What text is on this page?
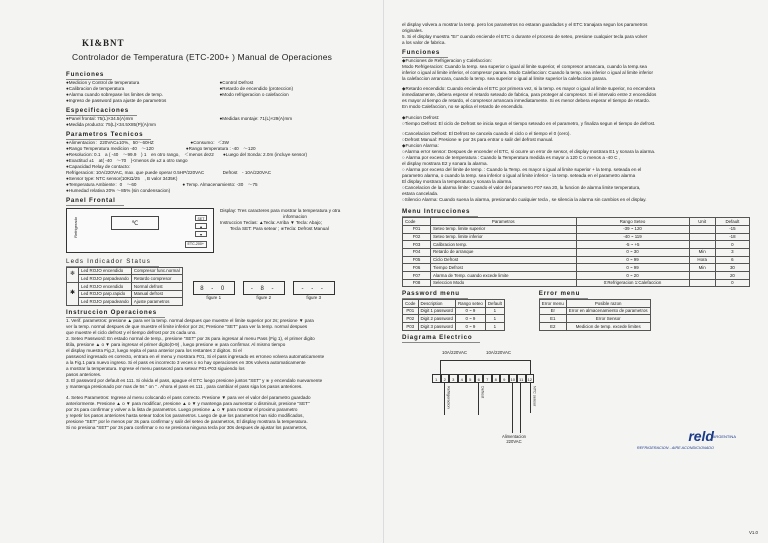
KI&BNT
Controlador de Temperatura (ETC-200+ ) Manual de Operaciones
Funciones

●Medicion y Control de temperatura

●Calibracion de temperatura

●Alarma cuando sobrepase los limites de temp.

●Ingreso de password para ajuste de parametros

●Control Defrost

●Retardo de encendido (proteccion)

●Modo refrigeracion o calefaccion

Especificaciones

●Panel frontal: 75(L)×34.5(A)mm

●Medida producto: 75(L)×34.5X85(P)(A)mm

●Medidas montaje: 71(L)×29(A)mm

Parametros Tecnicos

●Alimentacion：220VAC±10%、50～60HZ　　　　　　　　●Consumo：＜3W

●Rango Temperatura medicion -40　～120　　　　　　　●Rango temperatura : -40　～120

●Resolucion: 0.1　a ( -40　～99.9　) 1　en otro rango,　＜menos dez2　　●Luego del Sonda: 2.0m (incluye sensor)

●Exactitud ±1　at( -40　～70　)<menos de ±2 a otro rango

●Capacidad Relay de contacto：

Refrigeracion: 10A/220VAC, max. que puede operar 0.5HP/220VAC　　　　Defrost　- 10A/220VAC

●Sensor type: NTC sensor(10KΩ/25　, B valor 3435K)

●Temperatura Ambiente：0　～60　　　　　　　　　　● Temp. Almacenamiento: -30　～75

●Humedad relativa 20% ～85% (sin condensacion)

Panel Frontal
Refrigerado	℃
SET
▲
▼
ETC-200+

Display: Tres caracteres para mostrar la temperatura y otra

informacion

Instruccion Teclas: ▲Tecla: Arriba ▼ Tecla: Abajo;

Tecla SET: Para setear ; ※Tecla: Defrost Manual

Leds Indicador Status
❄	Led ROJO encendido	Compresor func.normal
	Led ROJO parpadeando	Retardo compresor
✱	Led ROJO encendido	Normal defrost
	Led ROJO parp.rapido	Manual defrost
	Led ROJO parpadeando	Ajuste parametros
8 - 0
figure 1
- 8 -
figure 2
- - -
figure 3
Instruccion Operaciones

1. Verif. parametros: presione ▲ para ver la temp. normal despues que muestre el limite superior por 2s; presione ▼ para

ver la temp. normal despues de que muestre el limite inferior por 2s; Presione "SET" para ver la temp. normal despues

que muestre el ciclo defrost y el tiempo defrost por 2s cada uno.

2. Seteo Password: En estado normal de temp., presione "SET" por 3s para ingresar al menu Pass (Fig 1), el primer digito

titila, presione ▲ o ▼ para ingresar el primer digito(0-9) , luego presione ※ para confirmar. Al mismo tiempo

el display muestra Fig.2, luego repita el paso anterior para los restantes 2 digitos. Si el

password ingresado es correcto, entrara en el menu y mostrara F01, Si el pass ingresado es erroneo volvera automaticamente

a la Fig.1 para nuevo ingreso. Si el pass es incorrecto 3 veces o no hay operaciones en 30s volvera automaticamente

a mostrar la temperatura. Ingrese el menu password para setear P01-P03 siguiendo los

pasos anteriores.

3. El password por default es 111. Si olvida el pass, apague el ETC luego presione juntos "SET" y ※ y encendalo nuevamente

y mantenga presionado por mas de 5s " on " . Ahora el pass es 111 , para cambiar el pass siga los pasos anteriores.

4. Seteo Parametros: Ingrese al menu colocando el pass correcto. Presione ▼ para ver el valor del parametro guardado

anteriormente. Presione ▲ o ▼ para modificar, presione ▲ o ▼ y mantenga para aumentar o disminuir, presione "SET"

por 2s para confirmar y volver a la lista de parametros. Luego presione ▲ o ▼ para mostrar el proximo parametro

y repetir los pasos anteriores hasta setear todos los parametros. Luego de que los parametros han sido modificados,

presione "SET" por le menos por 3s para confirmar y salir del seteo de parametros, El display mostrara la temperatura.

Si no presiona "SET" por 3s para confirmar o no se presiona ninguna tecla por 30s despues de ajustar los parametros,

el display volvera a mostrar la temp. pero los parametros no estaran guardados y el ETC tranajara segun los parametros

originales.

5. Si el display muestra "Er" cuando enciende el ETC o durante el proceso de seteo, presione cualquier tecla para volver

a los valor de fabrica.

Funciones

◆Funciones de Refrigeracion y Calefaccion:

Modo Refrigeracion: Cuando la temp. sea superior o igual al limite superior, el compresor arrancara, cuando la temp.sea

inferior o igual al limite inferior, el compresor parara. Modo Calefaccion: Cuando la temp. sea inferior o igual al limite inferior

la calefaccion arrancara, cuando la temp. sea superior o igual al limite superior la calefaccion parara.

◆Retardo encendido: Cuando encienda el ETC por primera vez, si la temp. es mayor o igual al limite superior, no encendera

inmediatamente, debera esperar el retardo seteado de fabrica, para proteger al compresor. Si el intervalo entre 2 encendidos

es mayor al tiempo de retardo, el compresor arrancara inmediatamente. Si es menor debera esperar el tiempo de retardo.

En modo Calefaccion, no se aplica el retardo de encendido.

◆Funcion Defrost:

○Tiempo Defrost: El ciclo de Defrost se inicia segun el tiempo seteado en el parametro, y finaliza segun el tiempo de defrost.

○Cancelacion Defrost: El Defrost se cancela cuando el ciclo o el tiempo el 0 (cero).

○Defrost Manual: Presione ※ por 3s para entrar o salir del defrost manual.

◆Funcion Alarma:

○Alarma error sensor: Despues de encender el ETC, si ocurre un error de sensor, el display mostrara E1 y sonara la alarma.

○ Alarma por exceso de temperatura : Cuando la Temperatura medida es mayor a 120 C o menos a -40 C ,

el display mostrara E2 y sonara la alarma.

○ Alarma por exceso del limite de temp. : Cuando la Temp. es mayor o igual al limite superior + la temp. seteada en el

parametro alarma, o cuando la temp. sea inferior o igual al limite inferior - la temp. seteada en el parametro alarma

El display mostrara la temperatura y sonara la alarma.

○Cancelacion de la alarma limite: Cuando el valor del parametro F07 sea 20, la funcion de alarma limite temperatura,

estara cancelada.

○Silencio Alarma: Cuando suena la alarma, presionando cualquier tecla , se silencia la alarma sin cambios en el display.

Menu Intrucciones
Code	Parametros	Rango Seteo	Unit	Default
F01	Seteo temp. limite superior	-39 ~ 120		-15
F02	Seteo temp. limite inferior	-40 ~ 119		-18
F03	Calibracion temp.	-5 ~ +5		0
F04	Retardo de arranque	0 ~ 30	Min	3
F05	Ciclo Defrost	0 ~ 99	Hora	6
F06	Tiempo Defrost	0 ~ 99	Min	30
F07	Alarma de Temp. cuando excede limite	0 ~ 20		20
F08	Seleccion Modo	0:Refrigeracion 1:Calefaccion		0
Password menu
Code	Description	Rango seteo	Default
P01	Digit 1 password	0 ~ 9	1
P02	Digit 2 password	0 ~ 9	1
P03	Digit 3 password	0 ~ 9	1
Error menu
Error menu	Posible razon
Er	Error en almacenamiento de parametros
E1	Error Sensor
E2	Medicion de temp. excede limites
Diagrama Electrico
10A/220VAC	10A/220VAC
1	2	3	4	5	6	7	8	9	10	11	12
Refrigeracion	Defrost	NTC sensor
Alimentacion
220VAC	reld
ARGENTINA
REFRIGERACION - AIRE ACONDICIONADO
V1.0
